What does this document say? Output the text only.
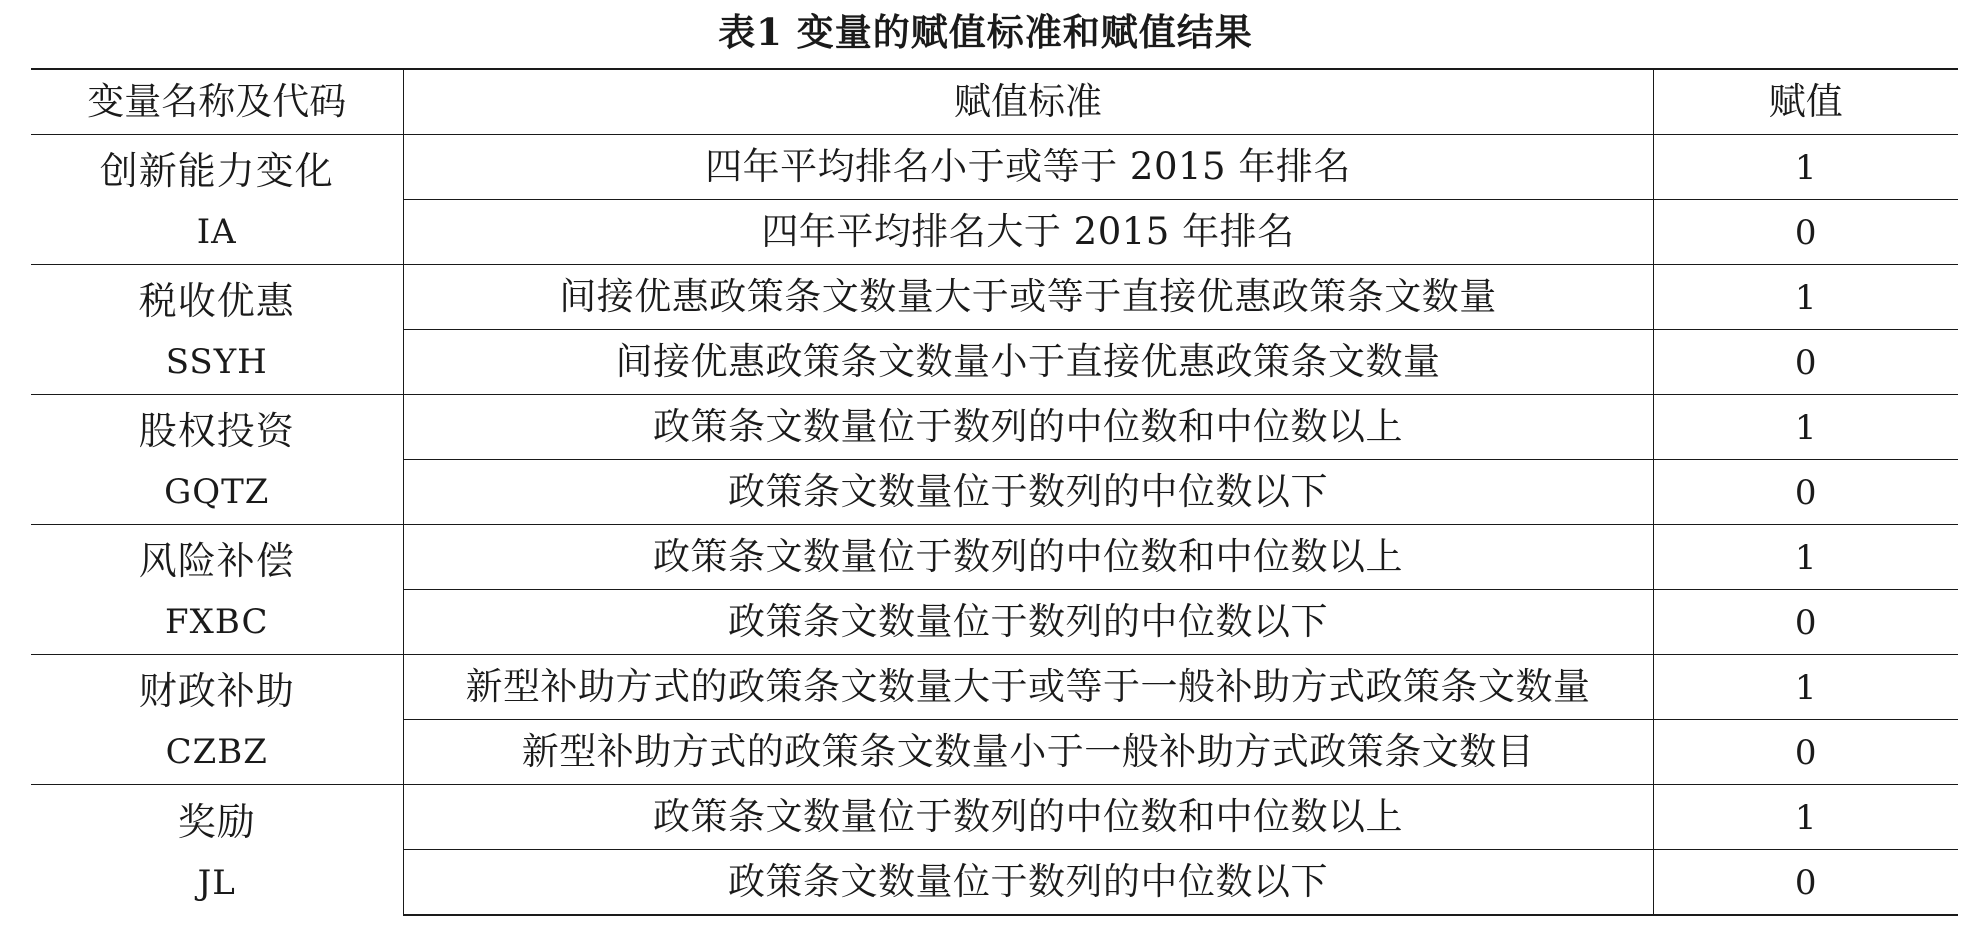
表1 变量的赋值标准和赋值结果
变量名称及代码	赋值标准	赋值

创新能力变化
IA	四年平均排名小于或等于 2015 年排名	1
	四年平均排名大于 2015 年排名	0

税收优惠
SSYH	间接优惠政策条文数量大于或等于直接优惠政策条文数量	1
	间接优惠政策条文数量小于直接优惠政策条文数量	0

股权投资
GQTZ	政策条文数量位于数列的中位数和中位数以上	1
	政策条文数量位于数列的中位数以下	0

风险补偿
FXBC	政策条文数量位于数列的中位数和中位数以上	1
	政策条文数量位于数列的中位数以下	0

财政补助
CZBZ	新型补助方式的政策条文数量大于或等于一般补助方式政策条文数量	1
	新型补助方式的政策条文数量小于一般补助方式政策条文数目	0

奖励
JL	政策条文数量位于数列的中位数和中位数以上	1
	政策条文数量位于数列的中位数以下	0
